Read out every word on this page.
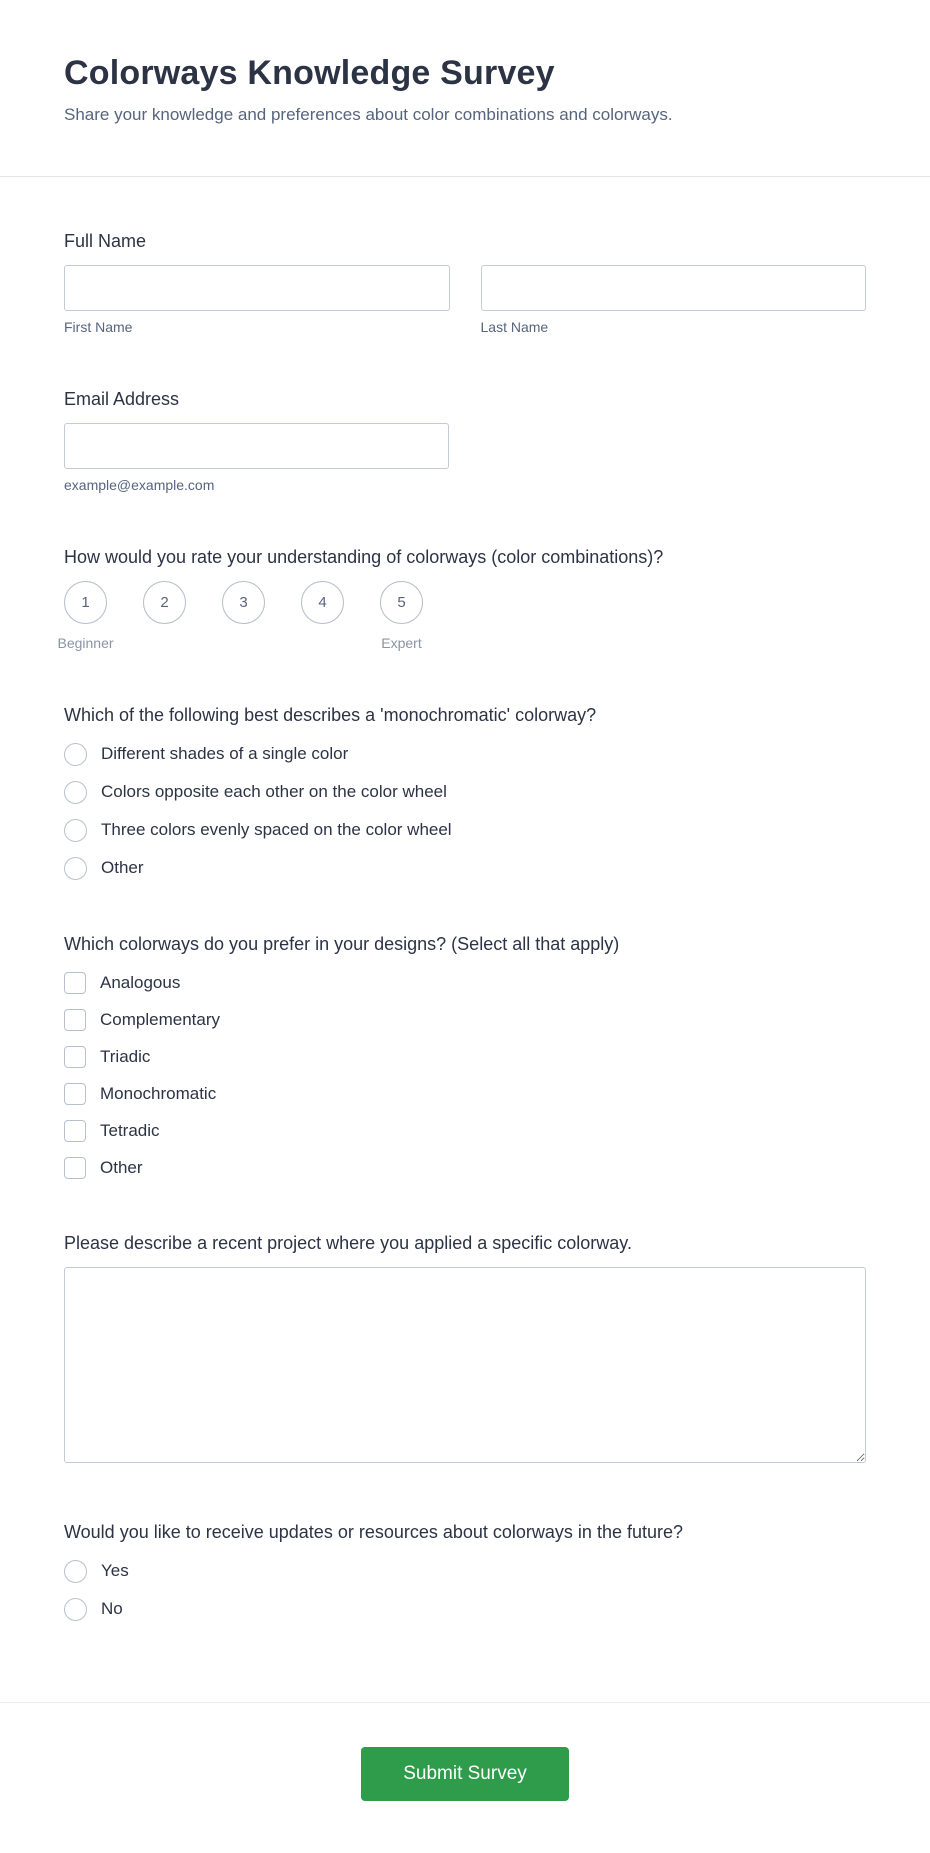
Colorways Knowledge Survey

Share your knowledge and preferences about color combinations and colorways.

Full Name
First Name	Last Name
Email Address
example@example.com
How would you rate your understanding of colorways (color combinations)?
1
Beginner
2	3	4	5
Expert
Which of the following best describes a 'monochromatic' colorway?
Different shades of a single color
Colors opposite each other on the color wheel
Three colors evenly spaced on the color wheel
Other
Which colorways do you prefer in your designs? (Select all that apply)
Analogous
Complementary
Triadic
Monochromatic
Tetradic
Other
Please describe a recent project where you applied a specific colorway.
Would you like to receive updates or resources about colorways in the future?
Yes
No
Submit Survey
